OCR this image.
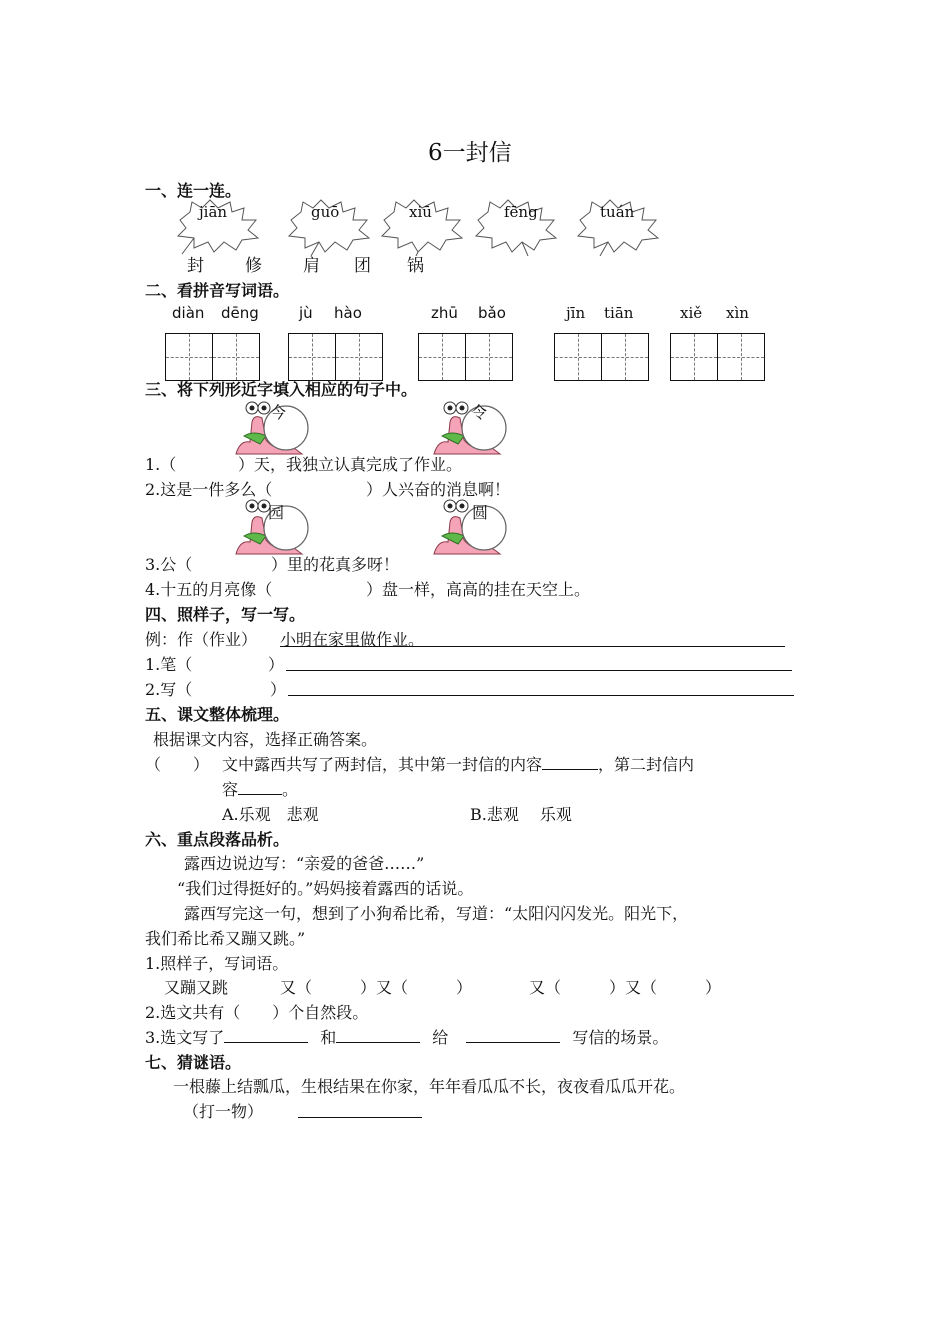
6一封信
一、连一连。
jiān	guō	xiū	fēng	tuán
封 修 肩 团 锅
二、看拼音写词语。
diàn dēng	jù hào	zhū bǎo	jīn tiān	xiě xìn
三、将下列形近字填入相应的句子中。
今	令
园	圆
1.（	）天，我独立认真完成了作业。
2.这是一件多么（	）人兴奋的消息啊！
3.公（	）里的花真多呀！
4.十五的月亮像（	）盘一样，高高的挂在天空上。
四、照样子，写一写。
例：作（作业） 小明在家里做作业。
1.笔（	）
2.写（	）
五、课文整体梳理。
根据课文内容，选择正确答案。
（　　） 文中露西共写了两封信，其中第一封信的内容	，第二封信内
容	。
A.乐观　悲观	B.悲观　 乐观
六、重点段落品析。
露西边说边写：“亲爱的爸爸……”
“我们过得挺好的。”妈妈接着露西的话说。
露西写完这一句，想到了小狗希比希，写道：“太阳闪闪发光。阳光下，
我们希比希又蹦又跳。”
1.照样子，写词语。
又蹦又跳	又（　　　）又（　　　）	又（　　　）又（　　　）
2.选文共有（　　）个自然段。
3.选文写了	和	给	写信的场景。
七、猜谜语。
一根藤上结瓢瓜，生根结果在你家，年年看瓜瓜不长，夜夜看瓜瓜开花。
（打一物）
